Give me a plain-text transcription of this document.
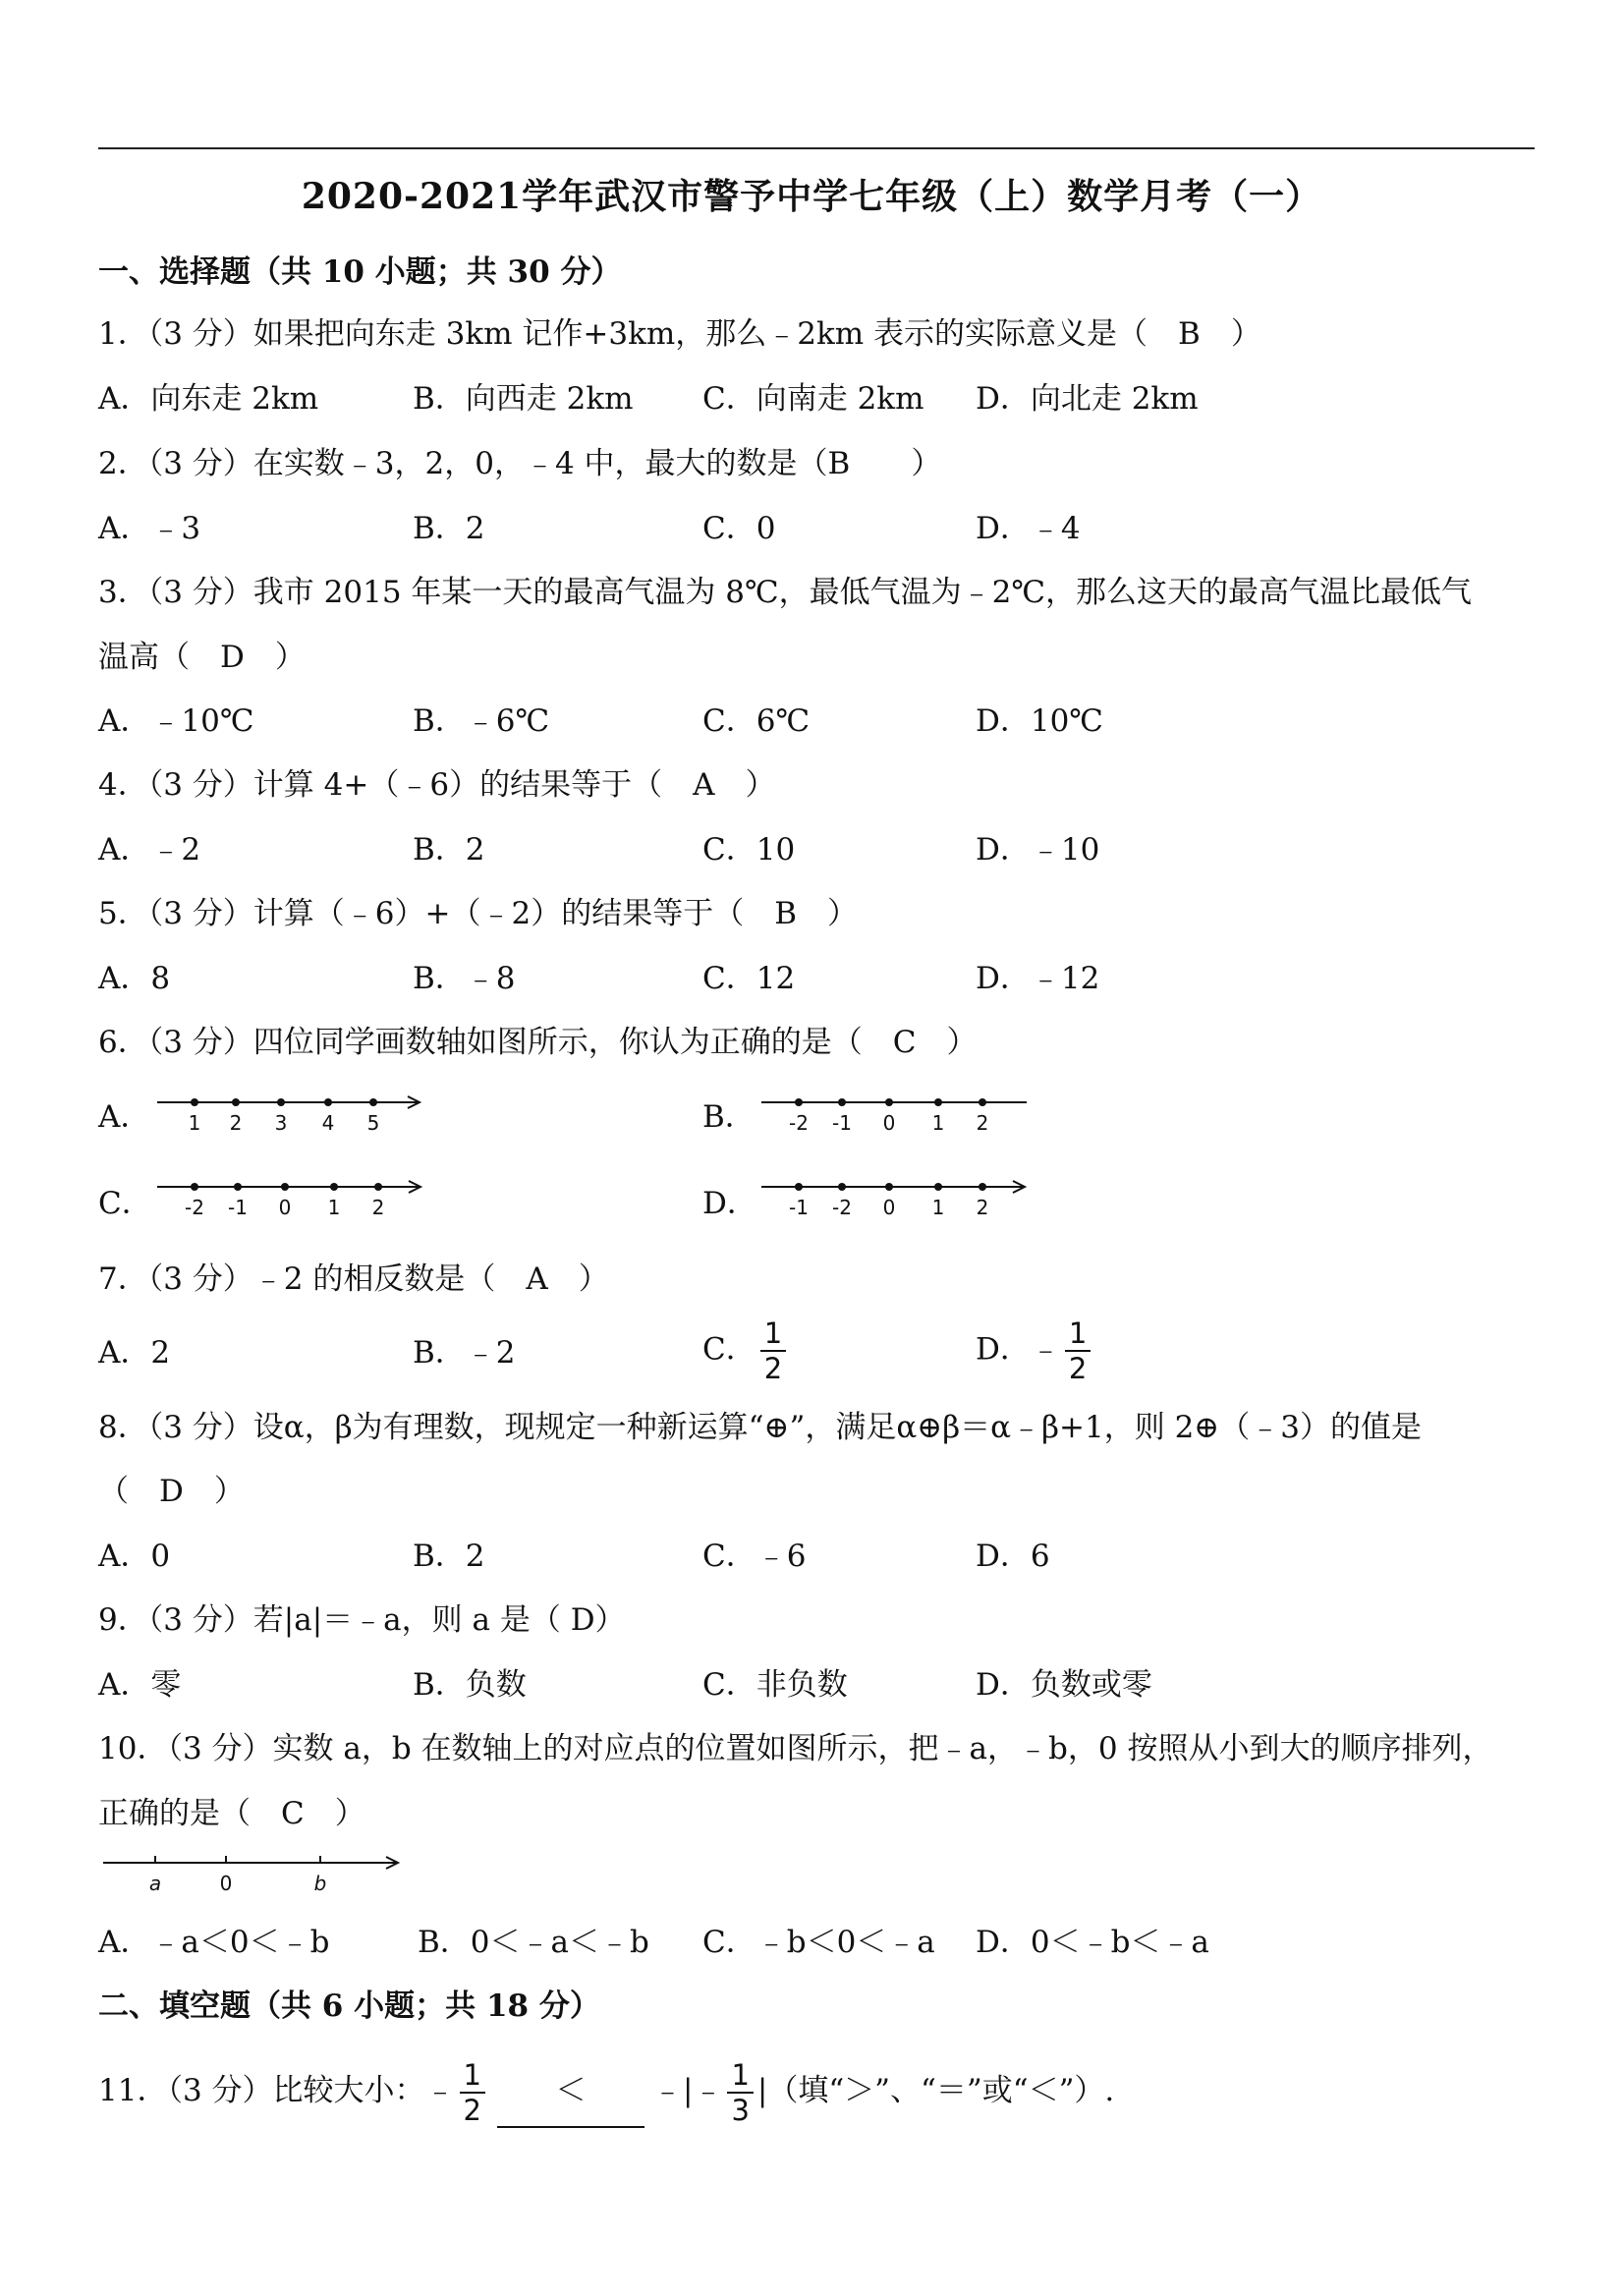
2020-2021学年武汉市警予中学七年级（上）数学月考（一）
一、选择题（共 10 小题；共 30 分）
1．（3 分）如果把向东走 3km 记作+3km，那么﹣2km 表示的实际意义是（　B　）
A．向东走 2km	B．向西走 2km C．向南走 2km D．向北走 2km
2．（3 分）在实数﹣3，2，0，﹣4 中，最大的数是（B　　）
A．﹣3	B．2	C．0	D．﹣4
3．（3 分）我市 2015 年某一天的最高气温为 8℃，最低气温为﹣2℃，那么这天的最高气温比最低气
温高（　D　）
A．﹣10℃	B．﹣6℃	C．6℃	D．10℃
4．（3 分）计算 4+（﹣6）的结果等于（　A　）
A．﹣2	B．2	C．10	D．﹣10
5．（3 分）计算（﹣6）+（﹣2）的结果等于（　B　）
A．8	B．﹣8	C．12	D．﹣12
6．（3 分）四位同学画数轴如图所示，你认为正确的是（　C　）
A．	B．
C．	D．
1 2 3 4 5	-2 -1 0 1 2
-2 -1 0 1 2	-1 -2 0 1 2
7．（3 分）﹣2 的相反数是（　A　）
A．2	B．﹣2	C． $\frac{1}{2}$	D．﹣ $\frac{1}{2}$
8．（3 分）设α，β为有理数，现规定一种新运算“⊕”，满足α⊕β＝α﹣β+1，则 2⊕（﹣3）的值是
（　D　）
A．0	B．2	C．﹣6	D．6
9．（3 分）若|a|＝﹣a，则 a 是（ D）
A．零	B．负数	C．非负数	D．负数或零
10．（3 分）实数 a，b 在数轴上的对应点的位置如图所示，把﹣a，﹣b，0 按照从小到大的顺序排列，
正确的是（　C　）
a	0	b
A．﹣a＜0＜﹣b	B．0＜﹣a＜﹣b C．﹣b＜0＜﹣a D．0＜﹣b＜﹣a
二、填空题（共 6 小题；共 18 分）
11．（3 分）比较大小：﹣ $\frac{1}{2}$ ＜ ﹣|﹣ $\frac{1}{3}$ |（填“＞”、“＝”或“＜”）.
